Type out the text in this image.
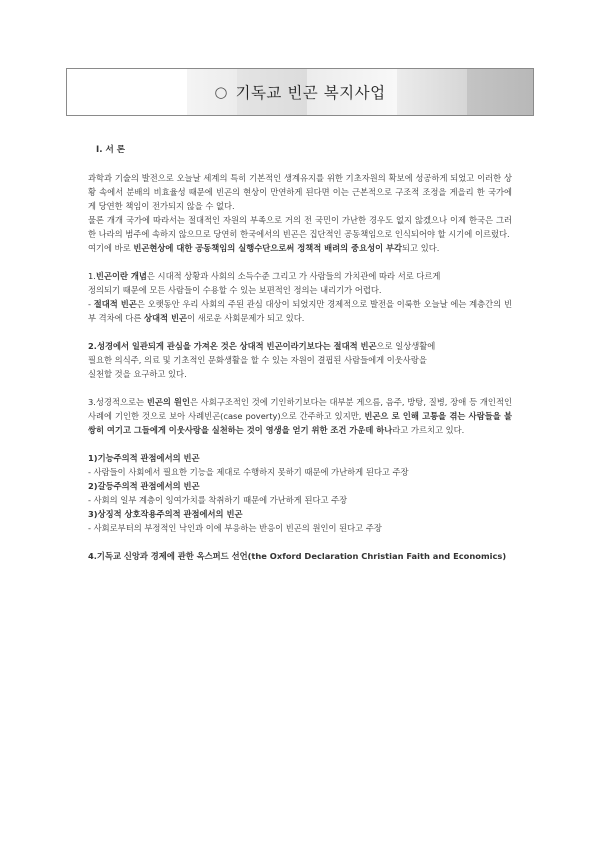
○ 기독교 빈곤 복지사업
Ⅰ. 서 론

과학과 기술의 발전으로 오늘날 세계의 특히 기본적인 생계유지를 위한 기초자원의 확보에 성공하게 되었고 이러한 상황 속에서 분배의 비효율성 때문에 빈곤의 현상이 만연하게 된다면 이는 근본적으로 구조적 조정을 게을리 한 국가에게 당연한 책임이 전가되지 않을 수 없다.

물론 개개 국가에 따라서는 절대적인 자원의 부족으로 거의 전 국민이 가난한 경우도 없지 않겠으나 이제 한국은 그러한 나라의 범주에 속하지 않으므로 당연히 한국에서의 빈곤은 집단적인 공동책임으로 인식되어야 할 시기에 이르렀다.

여기에 바로 빈곤현상에 대한 공동책임의 실행수단으로써 정책적 배려의 중요성이 부각되고 있다.

1.빈곤이란 개념은 시대적 상황과 사회의 소득수준 그리고 가 사람들의 가치관에 따라 서로 다르게

정의되기 때문에 모든 사람들이 수용할 수 있는 보편적인 정의는 내리기가 어렵다.

- 절대적 빈곤은 오랫동안 우리 사회의 주된 관심 대상이 되었지만 경제적으로 발전을 이룩한 오늘날 에는 계층간의 빈부 격차에 다른 상대적 빈곤이 새로운 사회문제가 되고 있다.

2.성경에서 일관되게 관심을 가져온 것은 상대적 빈곤이라기보다는 절대적 빈곤으로 일상생활에

필요한 의식주, 의료 및 기초적인 문화생활을 할 수 있는 자원이 결핍된 사람들에게 이웃사랑을

실천할 것을 요구하고 있다.

3.성경적으로는 빈곤의 원인은 사회구조적인 것에 기인하기보다는 대부분 게으름, 음주, 방탕, 질병, 장애 등 개인적인 사례에 기인한 것으로 보아 사례빈곤(case poverty)으로 간주하고 있지만, 빈곤으 로 인해 고통을 겪는 사람들을 불쌍히 여기고 그들에게 이웃사랑을 실천하는 것이 영생을 얻기 위한 조건 가운데 하나라고 가르치고 있다.

1)기능주의적 관점에서의 빈곤

- 사람들이 사회에서 필요한 기능을 제대로 수행하지 못하기 때문에 가난하게 된다고 주장

2)갈등주의적 관점에서의 빈곤

- 사회의 일부 계층이 잉여가치를 착취하기 때문에 가난하게 된다고 주장

3)상징적 상호작용주의적 관점에서의 빈곤

- 사회로부터의 부정적인 낙인과 이에 부응하는 반응이 빈곤의 원인이 된다고 주장

4.기독교 신앙과 경제에 관한 옥스퍼드 선언(the Oxford Declaration Christian Faith and Economics)
